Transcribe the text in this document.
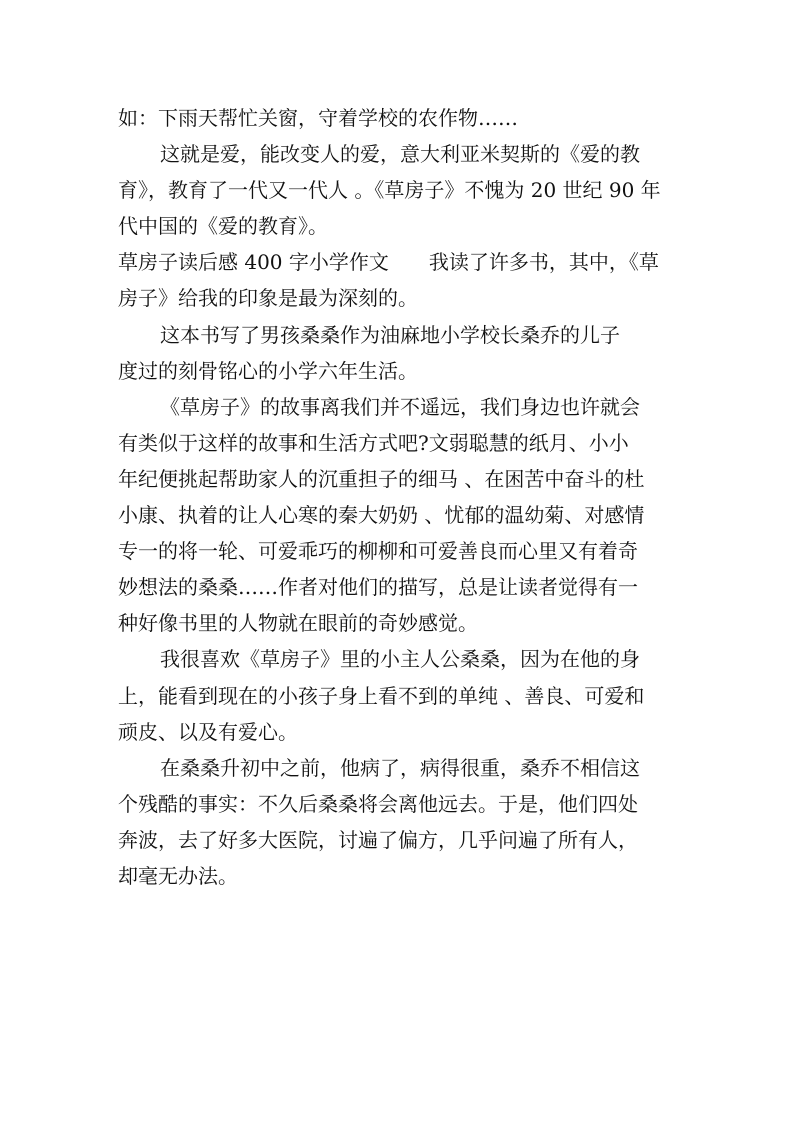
如：下雨天帮忙关窗，守着学校的农作物……
这就是爱，能改变人的爱，意大利亚米契斯的《爱的教
育》，教育了一代又一代人 。《草房子》不愧为 20 世纪 90 年
代中国的《爱的教育》。
草房子读后感 400 字小学作文　　我读了许多书，其中，《草
房子》给我的印象是最为深刻的。
这本书写了男孩桑桑作为油麻地小学校长桑乔的儿子
度过的刻骨铭心的小学六年生活。
《草房子》的故事离我们并不遥远，我们身边也许就会
有类似于这样的故事和生活方式吧?文弱聪慧的纸月、小小
年纪便挑起帮助家人的沉重担子的细马 、在困苦中奋斗的杜
小康、执着的让人心寒的秦大奶奶 、忧郁的温幼菊、对感情
专一的将一轮、可爱乖巧的柳柳和可爱善良而心里又有着奇
妙想法的桑桑……作者对他们的描写，总是让读者觉得有一
种好像书里的人物就在眼前的奇妙感觉。
我很喜欢《草房子》里的小主人公桑桑，因为在他的身
上，能看到现在的小孩子身上看不到的单纯 、善良、可爱和
顽皮、以及有爱心。
在桑桑升初中之前，他病了，病得很重，桑乔不相信这
个残酷的事实：不久后桑桑将会离他远去。于是，他们四处
奔波，去了好多大医院，讨遍了偏方，几乎问遍了所有人，
却毫无办法。
